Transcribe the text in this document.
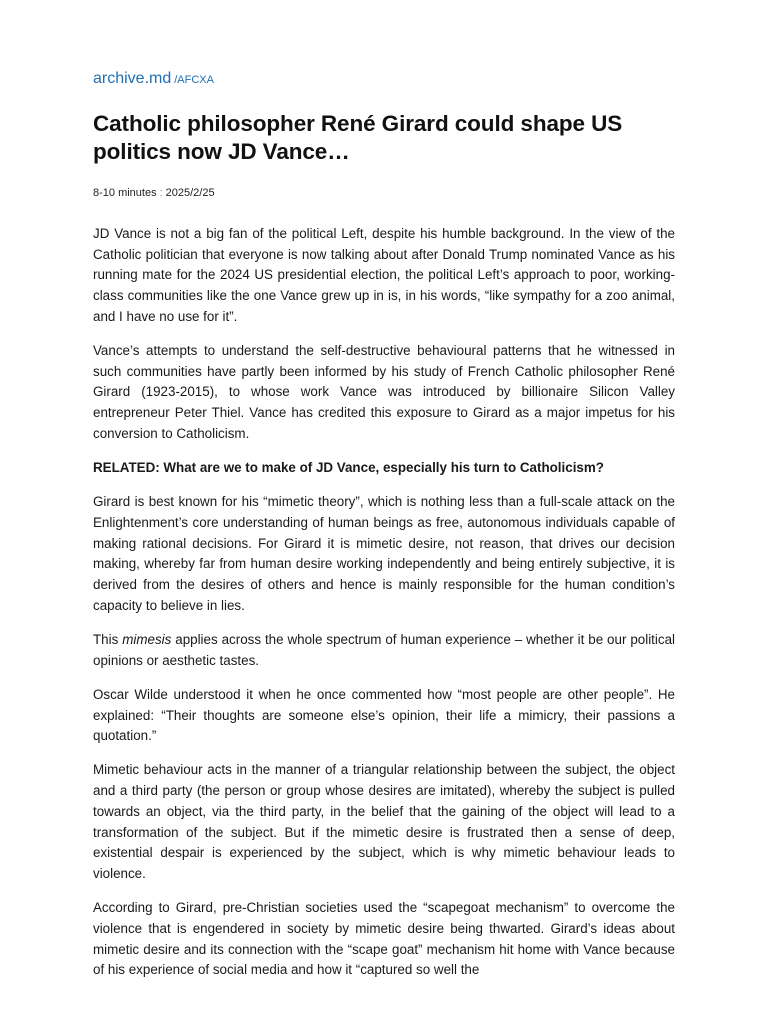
archive.md /AFCXA
Catholic philosopher René Girard could shape US politics now JD Vance…
8-10 minutes : 2025/2/25

JD Vance is not a big fan of the political Left, despite his humble background. In the view of the Catholic politician that everyone is now talking about after Donald Trump nominated Vance as his running mate for the 2024 US presidential election, the political Left’s approach to poor, working-class communities like the one Vance grew up in is, in his words, “like sympathy for a zoo animal, and I have no use for it”.

Vance’s attempts to understand the self-destructive behavioural patterns that he witnessed in such communities have partly been informed by his study of French Catholic philosopher René Girard (1923-2015), to whose work Vance was introduced by billionaire Silicon Valley entrepreneur Peter Thiel. Vance has credited this exposure to Girard as a major impetus for his conversion to Catholicism.

RELATED: What are we to make of JD Vance, especially his turn to Catholicism?

Girard is best known for his “mimetic theory”, which is nothing less than a full-scale attack on the Enlightenment’s core understanding of human beings as free, autonomous individuals capable of making rational decisions. For Girard it is mimetic desire, not reason, that drives our decision making, whereby far from human desire working independently and being entirely subjective, it is derived from the desires of others and hence is mainly responsible for the human condition’s capacity to believe in lies.

This mimesis applies across the whole spectrum of human experience – whether it be our political opinions or aesthetic tastes.

Oscar Wilde understood it when he once commented how “most people are other people”. He explained: “Their thoughts are someone else’s opinion, their life a mimicry, their passions a quotation.”

Mimetic behaviour acts in the manner of a triangular relationship between the subject, the object and a third party (the person or group whose desires are imitated), whereby the subject is pulled towards an object, via the third party, in the belief that the gaining of the object will lead to a transformation of the subject. But if the mimetic desire is frustrated then a sense of deep, existential despair is experienced by the subject, which is why mimetic behaviour leads to violence.

According to Girard, pre-Christian societies used the “scapegoat mechanism” to overcome the violence that is engendered in society by mimetic desire being thwarted. Girard’s ideas about mimetic desire and its connection with the “scape goat” mechanism hit home with Vance because of his experience of social media and how it “captured so well the
